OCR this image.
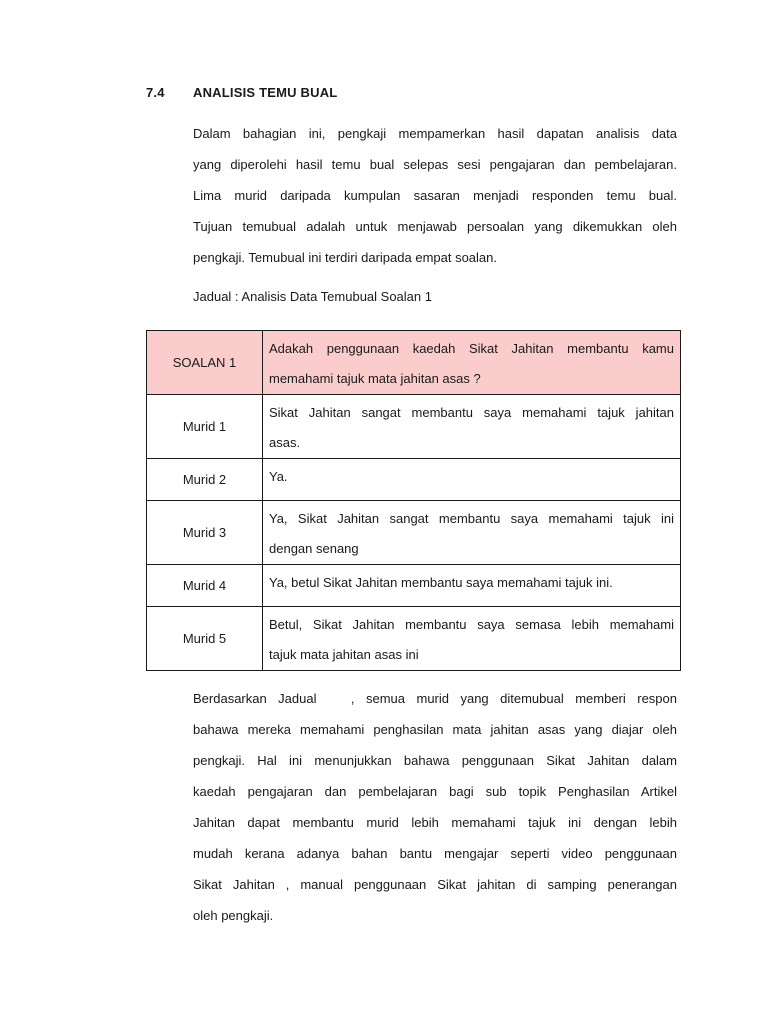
7.4 ANALISIS TEMU BUAL
Dalam bahagian ini, pengkaji mempamerkan hasil dapatan analisis data
yang diperolehi hasil temu bual selepas sesi pengajaran dan pembelajaran.
Lima murid daripada kumpulan sasaran menjadi responden temu bual.
Tujuan temubual adalah untuk menjawab persoalan yang dikemukkan oleh
pengkaji. Temubual ini terdiri daripada empat soalan.
Jadual : Analisis Data Temubual Soalan 1
SOALAN 1	Adakah penggunaan kaedah Sikat Jahitan membantu kamu
memahami tajuk mata jahitan asas ?

Murid 1	Sikat Jahitan sangat membantu saya memahami tajuk jahitan
asas.

Murid 2	Ya.

Murid 3	Ya, Sikat Jahitan sangat membantu saya memahami tajuk ini
dengan senang

Murid 4	Ya, betul Sikat Jahitan membantu saya memahami tajuk ini.

Murid 5	Betul, Sikat Jahitan membantu saya semasa lebih memahami
tajuk mata jahitan asas ini
Berdasarkan Jadual   , semua murid yang ditemubual memberi respon
bahawa mereka memahami penghasilan mata jahitan asas yang diajar oleh
pengkaji. Hal ini menunjukkan bahawa penggunaan Sikat Jahitan dalam
kaedah pengajaran dan pembelajaran bagi sub topik Penghasilan Artikel
Jahitan dapat membantu murid lebih memahami tajuk ini dengan lebih
mudah kerana adanya bahan bantu mengajar seperti video penggunaan
Sikat Jahitan , manual penggunaan Sikat jahitan di samping penerangan
oleh pengkaji.
